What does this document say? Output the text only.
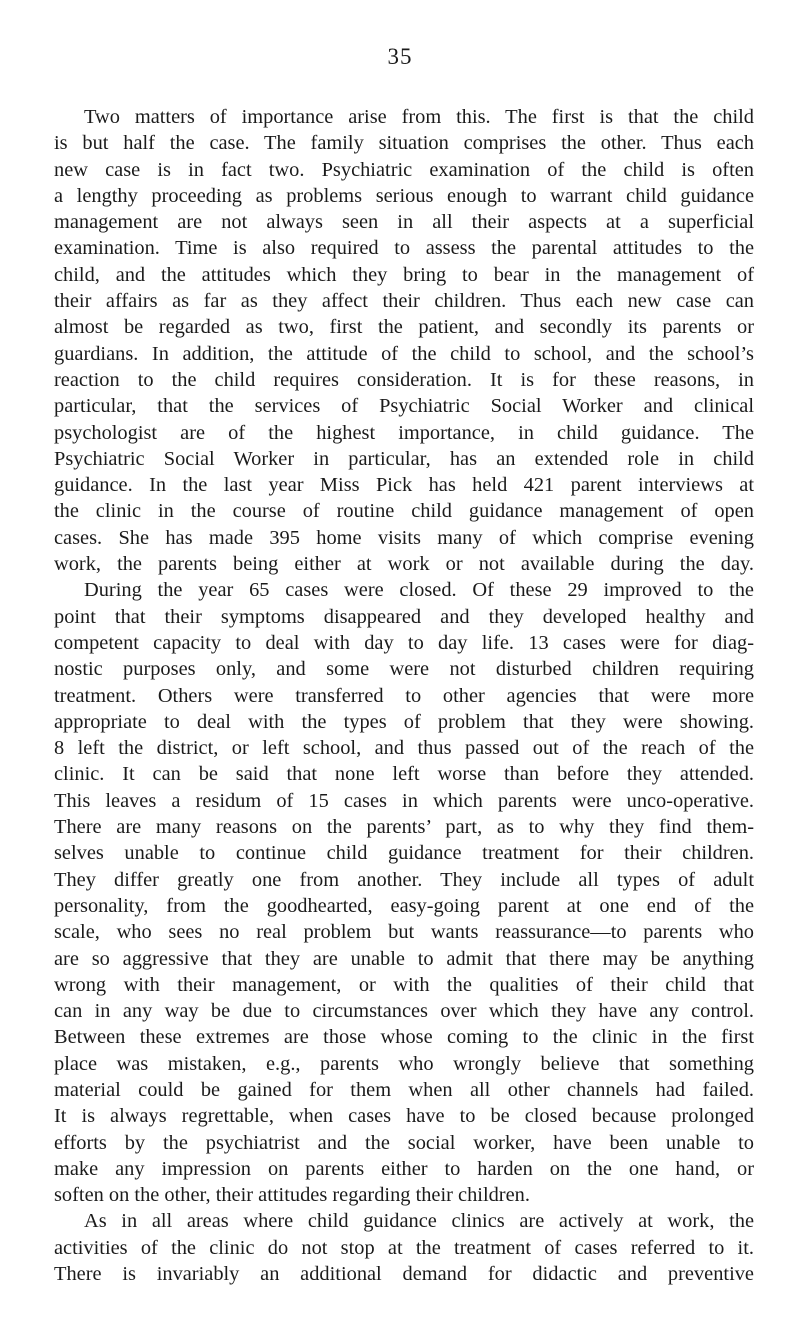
35
Two matters of importance arise from this. The first is that the child
is but half the case. The family situation comprises the other. Thus each
new case is in fact two. Psychiatric examination of the child is often
a lengthy proceeding as problems serious enough to warrant child guidance
management are not always seen in all their aspects at a superficial
examination. Time is also required to assess the parental attitudes to the
child, and the attitudes which they bring to bear in the management of
their affairs as far as they affect their children. Thus each new case can
almost be regarded as two, first the patient, and secondly its parents or
guardians. In addition, the attitude of the child to school, and the school’s
reaction to the child requires consideration. It is for these reasons, in
particular, that the services of Psychiatric Social Worker and clinical
psychologist are of the highest importance, in child guidance. The
Psychiatric Social Worker in particular, has an extended role in child
guidance. In the last year Miss Pick has held 421 parent interviews at
the clinic in the course of routine child guidance management of open
cases. She has made 395 home visits many of which comprise evening
work, the parents being either at work or not available during the day.
During the year 65 cases were closed. Of these 29 improved to the
point that their symptoms disappeared and they developed healthy and
competent capacity to deal with day to day life. 13 cases were for diag-
nostic purposes only, and some were not disturbed children requiring
treatment. Others were transferred to other agencies that were more
appropriate to deal with the types of problem that they were showing.
8 left the district, or left school, and thus passed out of the reach of the
clinic. It can be said that none left worse than before they attended.
This leaves a residum of 15 cases in which parents were unco-operative.
There are many reasons on the parents’ part, as to why they find them-
selves unable to continue child guidance treatment for their children.
They differ greatly one from another. They include all types of adult
personality, from the goodhearted, easy-going parent at one end of the
scale, who sees no real problem but wants reassurance—to parents who
are so aggressive that they are unable to admit that there may be anything
wrong with their management, or with the qualities of their child that
can in any way be due to circumstances over which they have any control.
Between these extremes are those whose coming to the clinic in the first
place was mistaken, e.g., parents who wrongly believe that something
material could be gained for them when all other channels had failed.
It is always regrettable, when cases have to be closed because prolonged
efforts by the psychiatrist and the social worker, have been unable to
make any impression on parents either to harden on the one hand, or
soften on the other, their attitudes regarding their children.
As in all areas where child guidance clinics are actively at work, the
activities of the clinic do not stop at the treatment of cases referred to it.
There is invariably an additional demand for didactic and preventive
